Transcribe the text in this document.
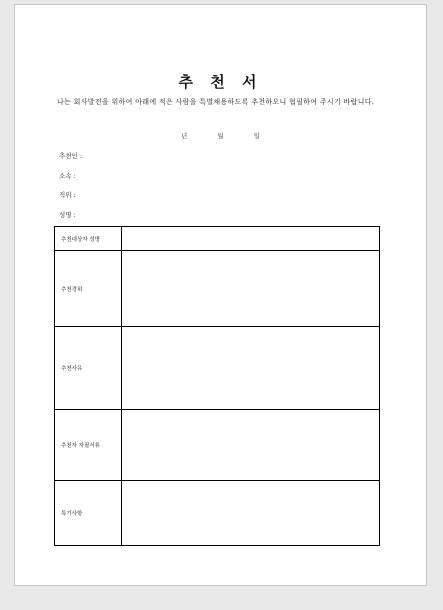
추 천 서
나는 회사발전을 위하여 아래에 적은 사람을 특별채용하도록 추천하오니 협필하여 주시기 바랍니다.
년 월 일
추천인 :
소속 :
직위 :
성명 :
추천대상자 성명	
추천경위	
추천사유	
추천자 자필서류	
특기사항	
